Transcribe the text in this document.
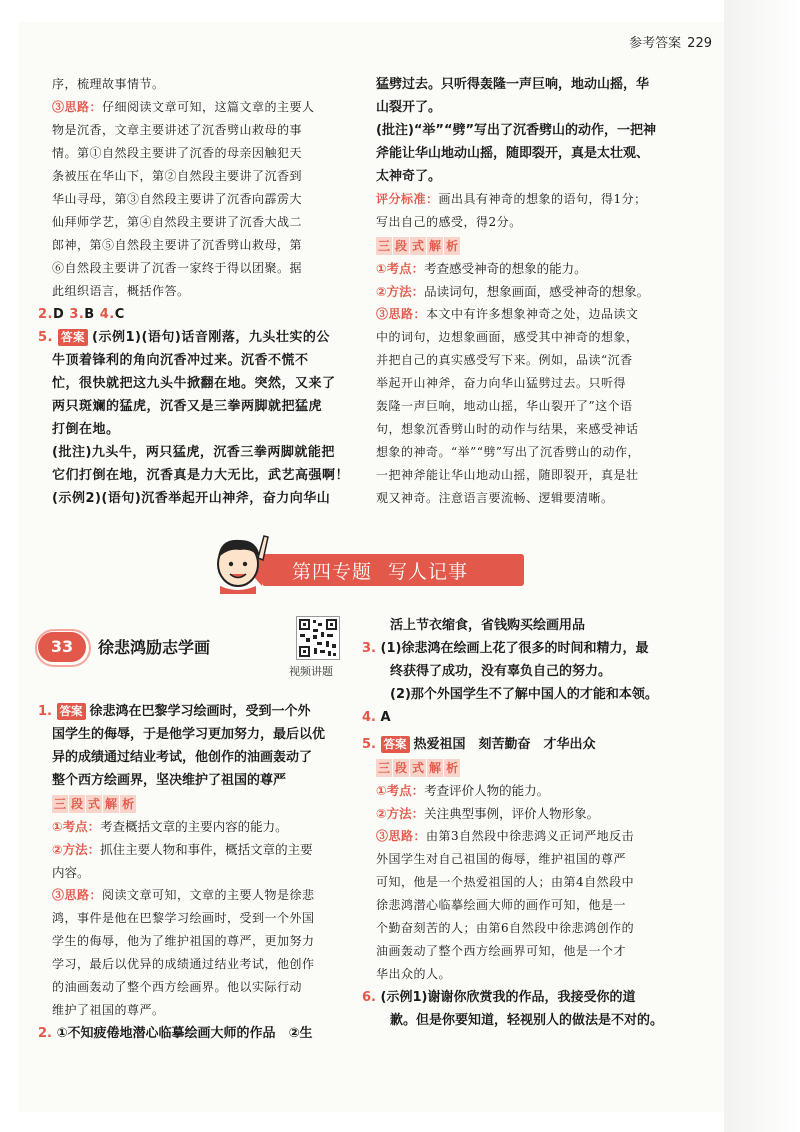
参考答案 229

序，梳理故事情节。

③思路：仔细阅读文章可知，这篇文章的主要人

物是沉香，文章主要讲述了沉香劈山救母的事

情。第①自然段主要讲了沉香的母亲因触犯天

条被压在华山下，第②自然段主要讲了沉香到

华山寻母，第③自然段主要讲了沉香向霹雳大

仙拜师学艺，第④自然段主要讲了沉香大战二

郎神，第⑤自然段主要讲了沉香劈山救母，第

⑥自然段主要讲了沉香一家终于得以团聚。据

此组织语言，概括作答。

2.D 3.B 4.C

5. 答案 (示例1)(语句)话音刚落，九头壮实的公

牛顶着锋利的角向沉香冲过来。沉香不慌不

忙，很快就把这九头牛掀翻在地。突然，又来了

两只斑斓的猛虎，沉香又是三拳两脚就把猛虎

打倒在地。

(批注)九头牛，两只猛虎，沉香三拳两脚就能把

它们打倒在地，沉香真是力大无比，武艺高强啊！

(示例2)(语句)沉香举起开山神斧，奋力向华山

猛劈过去。只听得轰隆一声巨响，地动山摇，华

山裂开了。

(批注)“举”“劈”写出了沉香劈山的动作，一把神

斧能让华山地动山摇，随即裂开，真是太壮观、

太神奇了。

评分标准：画出具有神奇的想象的语句，得1分；

写出自己的感受，得2分。

三 段 式 解 析

①考点：考查感受神奇的想象的能力。

②方法：品读词句，想象画面，感受神奇的想象。

③思路：本文中有许多想象神奇之处，边品读文

中的词句，边想象画面，感受其中神奇的想象，

并把自己的真实感受写下来。例如，品读“沉香

举起开山神斧，奋力向华山猛劈过去。只听得

轰隆一声巨响，地动山摇，华山裂开了”这个语

句，想象沉香劈山时的动作与结果，来感受神话

想象的神奇。“举”“劈”写出了沉香劈山的动作，

一把神斧能让华山地动山摇，随即裂开，真是壮

观又神奇。注意语言要流畅、逻辑要清晰。

第四专题 写人记事
33	徐悲鸿励志学画
视频讲题

1. 答案 徐悲鸿在巴黎学习绘画时，受到一个外

国学生的侮辱，于是他学习更加努力，最后以优

异的成绩通过结业考试，他创作的油画轰动了

整个西方绘画界，坚决维护了祖国的尊严

三 段 式 解 析

①考点：考查概括文章的主要内容的能力。

②方法：抓住主要人物和事件，概括文章的主要

内容。

③思路：阅读文章可知，文章的主要人物是徐悲

鸿，事件是他在巴黎学习绘画时，受到一个外国

学生的侮辱，他为了维护祖国的尊严，更加努力

学习，最后以优异的成绩通过结业考试，他创作

的油画轰动了整个西方绘画界。他以实际行动

维护了祖国的尊严。

2. ①不知疲倦地潜心临摹绘画大师的作品　②生

活上节衣缩食，省钱购买绘画用品

3. (1)徐悲鸿在绘画上花了很多的时间和精力，最

终获得了成功，没有辜负自己的努力。

(2)那个外国学生不了解中国人的才能和本领。

4. A

5. 答案 热爱祖国　刻苦勤奋　才华出众

三 段 式 解 析

①考点：考查评价人物的能力。

②方法：关注典型事例，评价人物形象。

③思路：由第3自然段中徐悲鸿义正词严地反击

外国学生对自己祖国的侮辱，维护祖国的尊严

可知，他是一个热爱祖国的人；由第4自然段中

徐悲鸿潜心临摹绘画大师的画作可知，他是一

个勤奋刻苦的人；由第6自然段中徐悲鸿创作的

油画轰动了整个西方绘画界可知，他是一个才

华出众的人。

6. (示例1)谢谢你欣赏我的作品，我接受你的道

歉。但是你要知道，轻视别人的做法是不对的。
